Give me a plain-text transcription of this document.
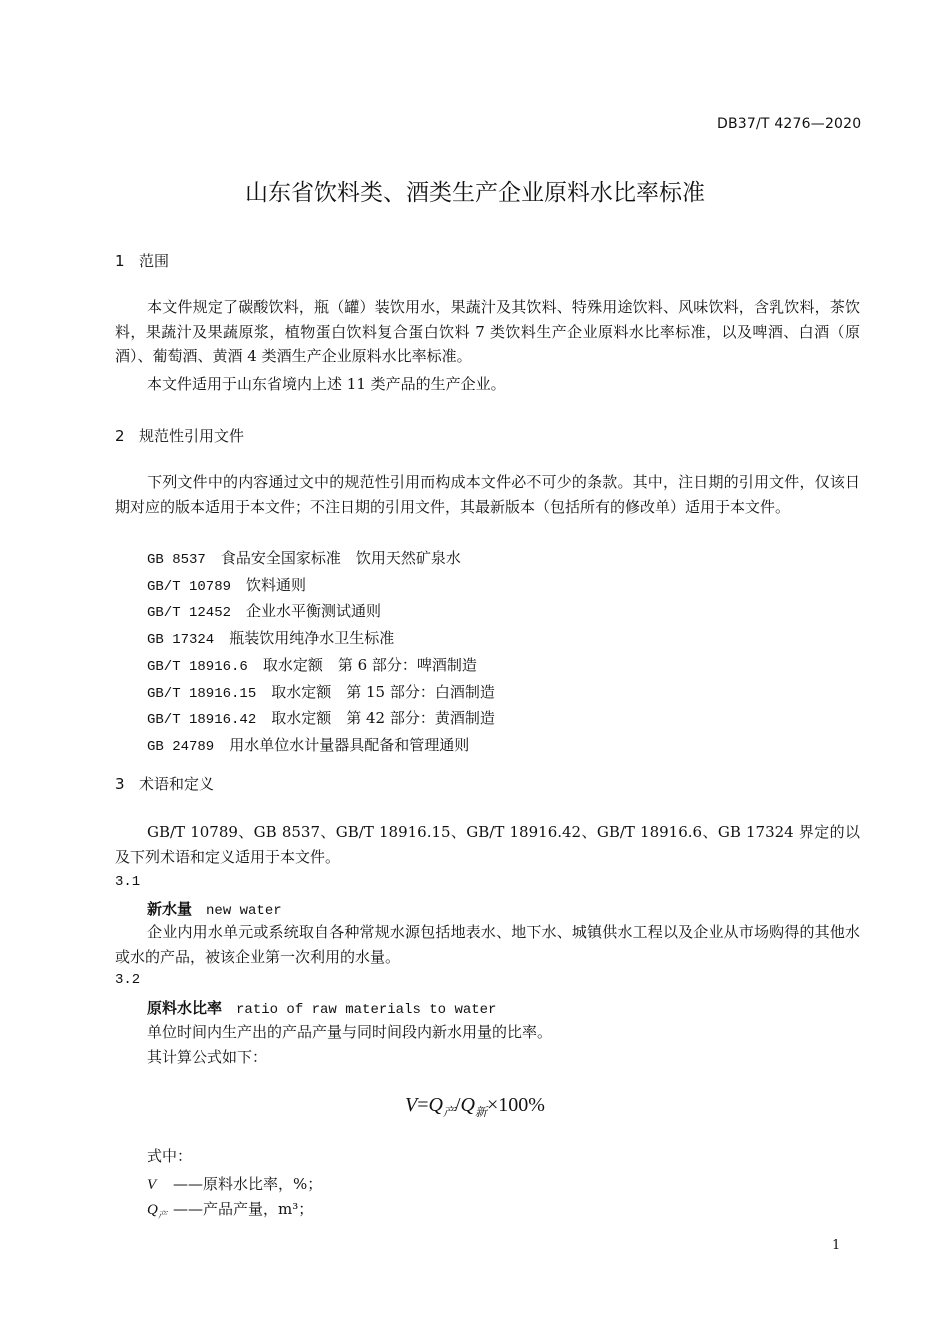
DB37/T 4276—2020
山东省饮料类、酒类生产企业原料水比率标准
1 范围
本文件规定了碳酸饮料，瓶（罐）装饮用水，果蔬汁及其饮料、特殊用途饮料、风味饮料，含乳饮料，茶饮料，果蔬汁及果蔬原浆，植物蛋白饮料复合蛋白饮料 7 类饮料生产企业原料水比率标准，以及啤酒、白酒（原酒）、葡萄酒、黄酒 4 类酒生产企业原料水比率标准。
本文件适用于山东省境内上述 11 类产品的生产企业。
2 规范性引用文件
下列文件中的内容通过文中的规范性引用而构成本文件必不可少的条款。其中，注日期的引用文件，仅该日期对应的版本适用于本文件；不注日期的引用文件，其最新版本（包括所有的修改单）适用于本文件。
GB 8537　 食品安全国家标准　饮用天然矿泉水
GB/T 10789　 饮料通则
GB/T 12452　 企业水平衡测试通则
GB 17324　 瓶装饮用纯净水卫生标准
GB/T 18916.6　 取水定额　第 6 部分：啤酒制造
GB/T 18916.15　 取水定额　第 15 部分：白酒制造
GB/T 18916.42　 取水定额　第 42 部分：黄酒制造
GB 24789　 用水单位水计量器具配备和管理通则
3 术语和定义
GB/T 10789、GB 8537、GB/T 18916.15、GB/T 18916.42、GB/T 18916.6、GB 17324 界定的以及下列术语和定义适用于本文件。
3.1
新水量 new water
企业内用水单元或系统取自各种常规水源包括地表水、地下水、城镇供水工程以及企业从市场购得的其他水或水的产品，被该企业第一次利用的水量。
3.2
原料水比率 ratio of raw materials to water
单位时间内生产出的产品产量与同时间段内新水用量的比率。
其计算公式如下：
$V=Q_产/Q_新\times 100\%$
式中：
V ——原料水比率，%；
$Q_产$ ——产品产量，m³；
1
